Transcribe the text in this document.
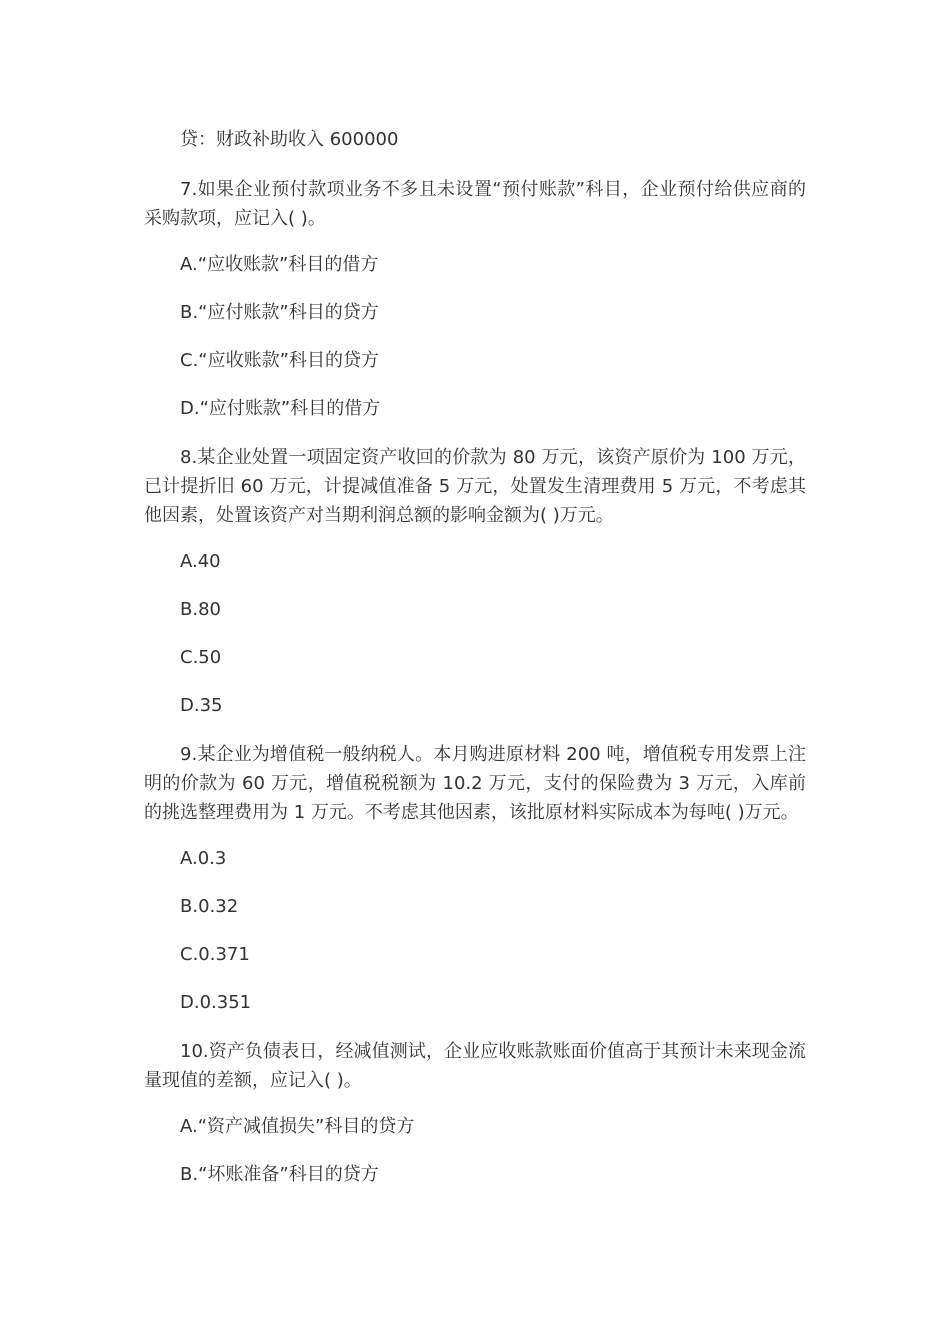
贷：财政补助收入 600000
7.如果企业预付款项业务不多且未设置“预付账款”科目，企业预付给供应商的采购款项，应记入( )。
A.“应收账款”科目的借方
B.“应付账款”科目的贷方
C.“应收账款”科目的贷方
D.“应付账款”科目的借方
8.某企业处置一项固定资产收回的价款为 80 万元，该资产原价为 100 万元，已计提折旧 60 万元，计提减值准备 5 万元，处置发生清理费用 5 万元，不考虑其他因素，处置该资产对当期利润总额的影响金额为( )万元。
A.40
B.80
C.50
D.35
9.某企业为增值税一般纳税人。本月购进原材料 200 吨，增值税专用发票上注明的价款为 60 万元，增值税税额为 10.2 万元，支付的保险费为 3 万元，入库前的挑选整理费用为 1 万元。不考虑其他因素，该批原材料实际成本为每吨( )万元。
A.0.3
B.0.32
C.0.371
D.0.351
10.资产负债表日，经减值测试，企业应收账款账面价值高于其预计未来现金流量现值的差额，应记入( )。
A.“资产减值损失”科目的贷方
B.“坏账准备”科目的贷方
